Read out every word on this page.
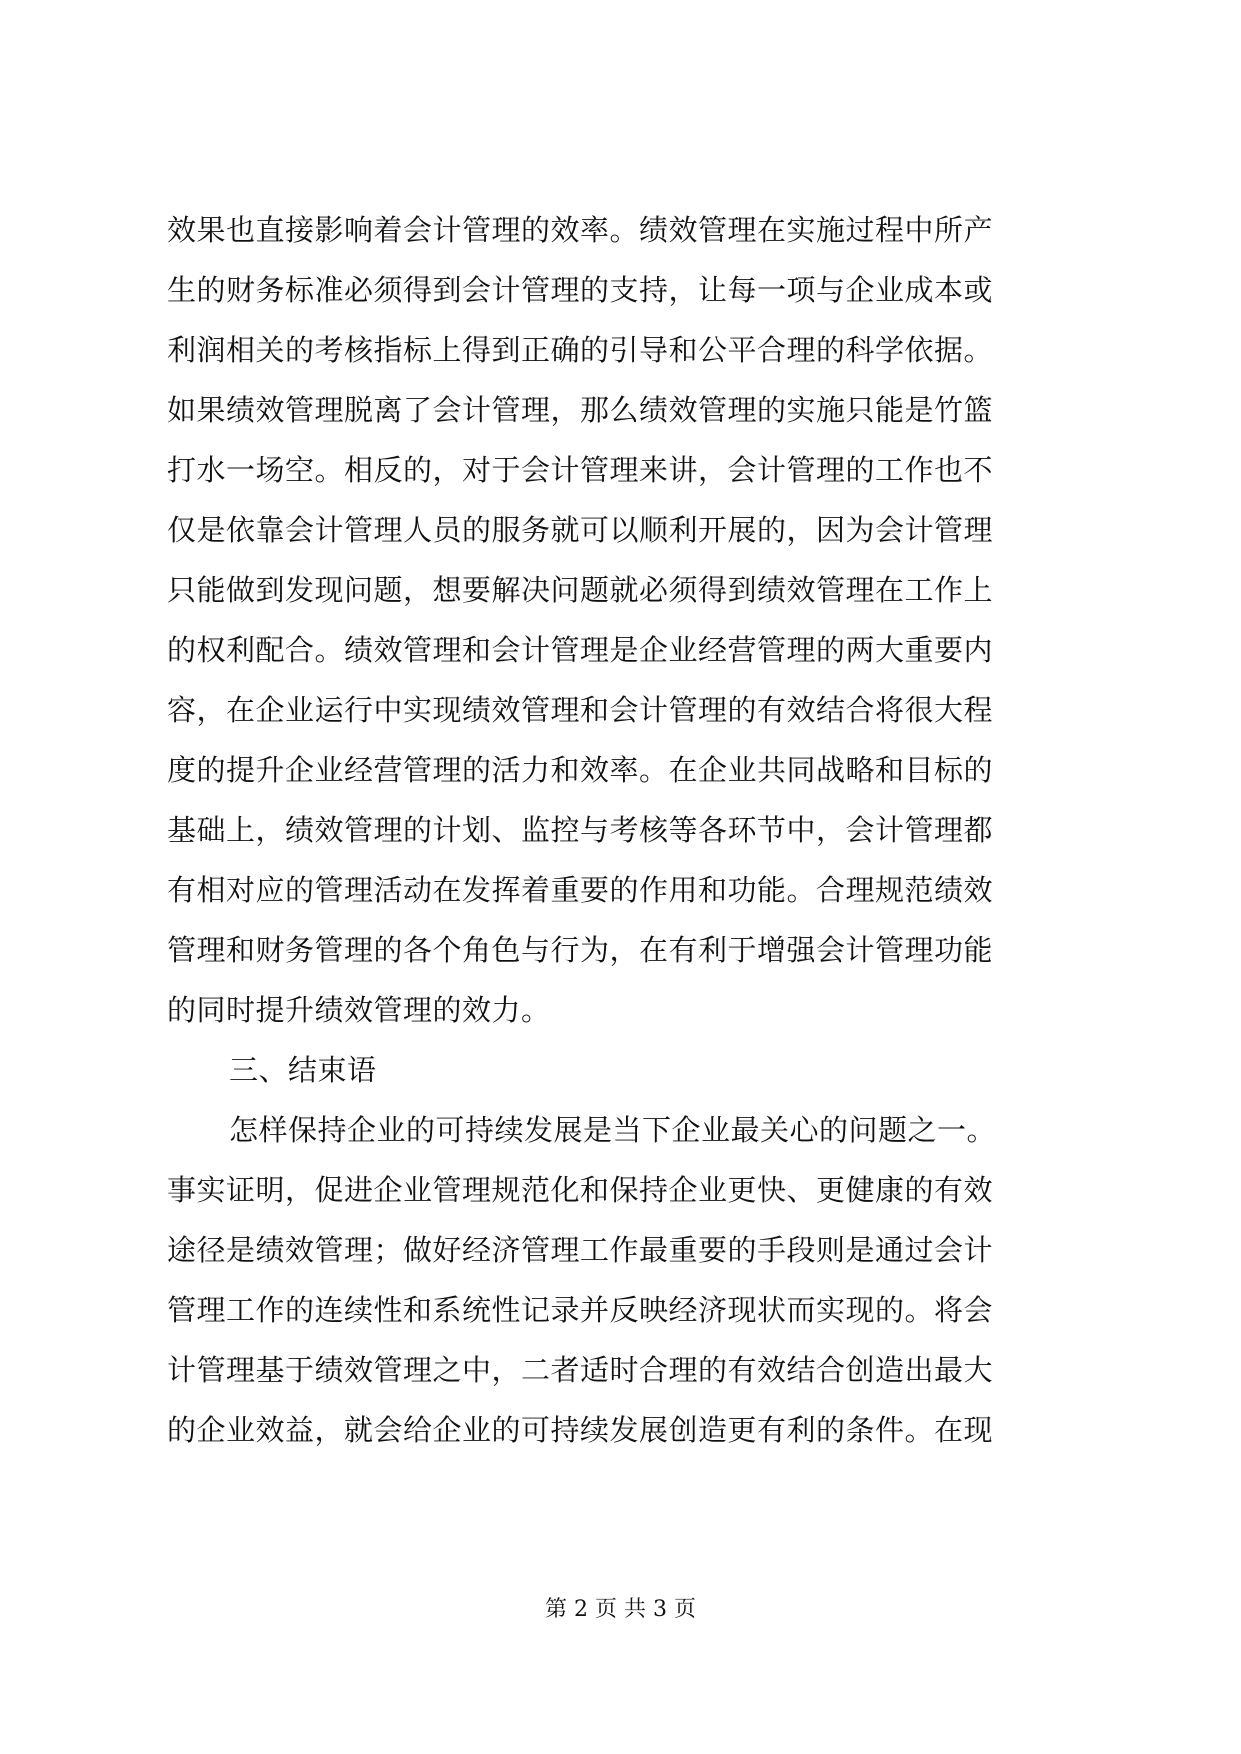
效果也直接影响着会计管理的效率。绩效管理在实施过程中所产
生的财务标准必须得到会计管理的支持，让每一项与企业成本或
利润相关的考核指标上得到正确的引导和公平合理的科学依据。
如果绩效管理脱离了会计管理，那么绩效管理的实施只能是竹篮
打水一场空。相反的，对于会计管理来讲，会计管理的工作也不
仅是依靠会计管理人员的服务就可以顺利开展的，因为会计管理
只能做到发现问题，想要解决问题就必须得到绩效管理在工作上
的权利配合。绩效管理和会计管理是企业经营管理的两大重要内
容，在企业运行中实现绩效管理和会计管理的有效结合将很大程
度的提升企业经营管理的活力和效率。在企业共同战略和目标的
基础上，绩效管理的计划、监控与考核等各环节中，会计管理都
有相对应的管理活动在发挥着重要的作用和功能。合理规范绩效
管理和财务管理的各个角色与行为，在有利于增强会计管理功能
的同时提升绩效管理的效力。
三、结束语
怎样保持企业的可持续发展是当下企业最关心的问题之一。
事实证明，促进企业管理规范化和保持企业更快、更健康的有效
途径是绩效管理；做好经济管理工作最重要的手段则是通过会计
管理工作的连续性和系统性记录并反映经济现状而实现的。将会
计管理基于绩效管理之中，二者适时合理的有效结合创造出最大
的企业效益，就会给企业的可持续发展创造更有利的条件。在现
第 2 页 共 3 页
